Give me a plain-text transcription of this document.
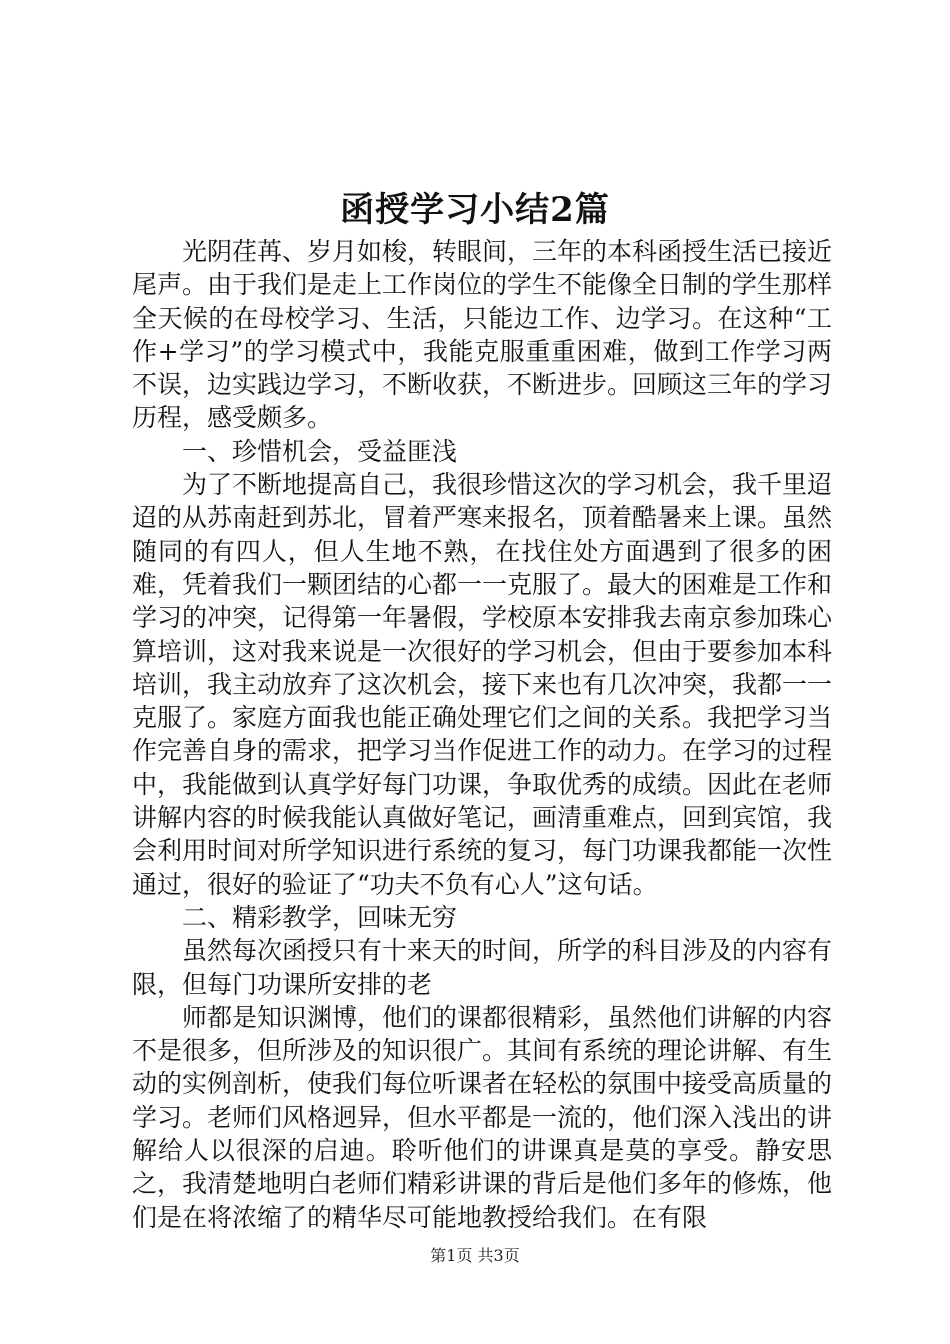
函授学习小结2篇

光阴荏苒、岁月如梭，转眼间，三年的本科函授生活已接近尾声。由于我们是走上工作岗位的学生不能像全日制的学生那样全天候的在母校学习、生活，只能边工作、边学习。在这种“工作+学习”的学习模式中，我能克服重重困难，做到工作学习两不误，边实践边学习，不断收获，不断进步。回顾这三年的学习历程，感受颇多。

一、珍惜机会，受益匪浅

为了不断地提高自己，我很珍惜这次的学习机会，我千里迢迢的从苏南赶到苏北，冒着严寒来报名，顶着酷暑来上课。虽然随同的有四人，但人生地不熟，在找住处方面遇到了很多的困难，凭着我们一颗团结的心都一一克服了。最大的困难是工作和学习的冲突，记得第一年暑假，学校原本安排我去南京参加珠心算培训，这对我来说是一次很好的学习机会，但由于要参加本科培训，我主动放弃了这次机会，接下来也有几次冲突，我都一一克服了。家庭方面我也能正确处理它们之间的关系。我把学习当作完善自身的需求，把学习当作促进工作的动力。在学习的过程中，我能做到认真学好每门功课，争取优秀的成绩。因此在老师讲解内容的时候我能认真做好笔记，画清重难点，回到宾馆，我会利用时间对所学知识进行系统的复习，每门功课我都能一次性通过，很好的验证了“功夫不负有心人”这句话。

二、精彩教学，回味无穷

虽然每次函授只有十来天的时间，所学的科目涉及的内容有限，但每门功课所安排的老

师都是知识渊博，他们的课都很精彩，虽然他们讲解的内容不是很多，但所涉及的知识很广。其间有系统的理论讲解、有生动的实例剖析，使我们每位听课者在轻松的氛围中接受高质量的学习。老师们风格迥异，但水平都是一流的，他们深入浅出的讲解给人以很深的启迪。聆听他们的讲课真是莫的享受。静安思之，我清楚地明白老师们精彩讲课的背后是他们多年的修炼，他们是在将浓缩了的精华尽可能地教授给我们。在有限

第1页 共3页
